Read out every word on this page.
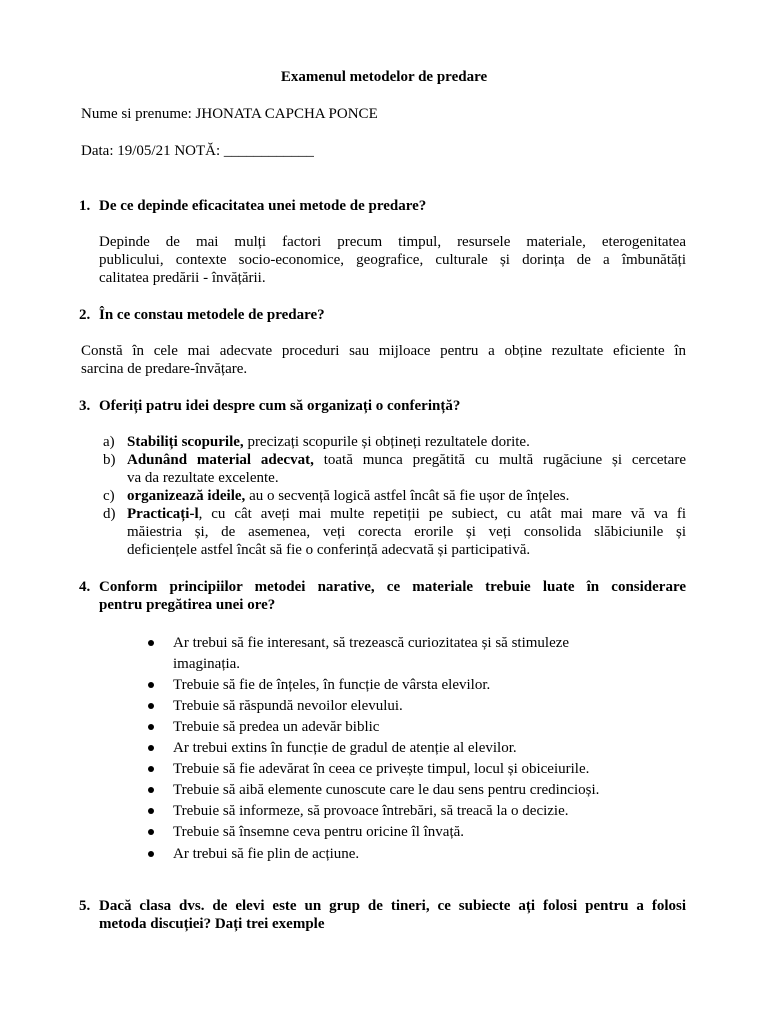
Examenul metodelor de predare
Nume si prenume: JHONATA CAPCHA PONCE
Data: 19/05/21 NOTĂ: ____________
1. De ce depinde eficacitatea unei metode de predare?
Depinde de mai mulți factori precum timpul, resursele materiale, eterogenitatea
publicului, contexte socio-economice, geografice, culturale și dorința de a îmbunătăți
calitatea predării - învățării.
2. În ce constau metodele de predare?
Constă în cele mai adecvate proceduri sau mijloace pentru a obține rezultate eficiente în
sarcina de predare-învățare.
3. Oferiți patru idei despre cum să organizați o conferință?
a) Stabiliți scopurile, precizați scopurile și obțineți rezultatele dorite.
b) Adunând material adecvat, toată munca pregătită cu multă rugăciune și cercetare
va da rezultate excelente.
c) organizează ideile, au o secvență logică astfel încât să fie ușor de înțeles.
d) Practicați-l, cu cât aveți mai multe repetiții pe subiect, cu atât mai mare vă va fi
măiestria și, de asemenea, veți corecta erorile și veți consolida slăbiciunile și
deficiențele astfel încât să fie o conferință adecvată și participativă.
4. Conform principiilor metodei narative, ce materiale trebuie luate în considerare
pentru pregătirea unei ore?
Ar trebui să fie interesant, să trezească curiozitatea și să stimuleze
imaginația.
Trebuie să fie de înțeles, în funcție de vârsta elevilor.
Trebuie să răspundă nevoilor elevului.
Trebuie să predea un adevăr biblic
Ar trebui extins în funcție de gradul de atenție al elevilor.
Trebuie să fie adevărat în ceea ce privește timpul, locul și obiceiurile.
Trebuie să aibă elemente cunoscute care le dau sens pentru credincioși.
Trebuie să informeze, să provoace întrebări, să treacă la o decizie.
Trebuie să însemne ceva pentru oricine îl învață.
Ar trebui să fie plin de acțiune.
5. Dacă clasa dvs. de elevi este un grup de tineri, ce subiecte ați folosi pentru a folosi
metoda discuției? Dați trei exemple
